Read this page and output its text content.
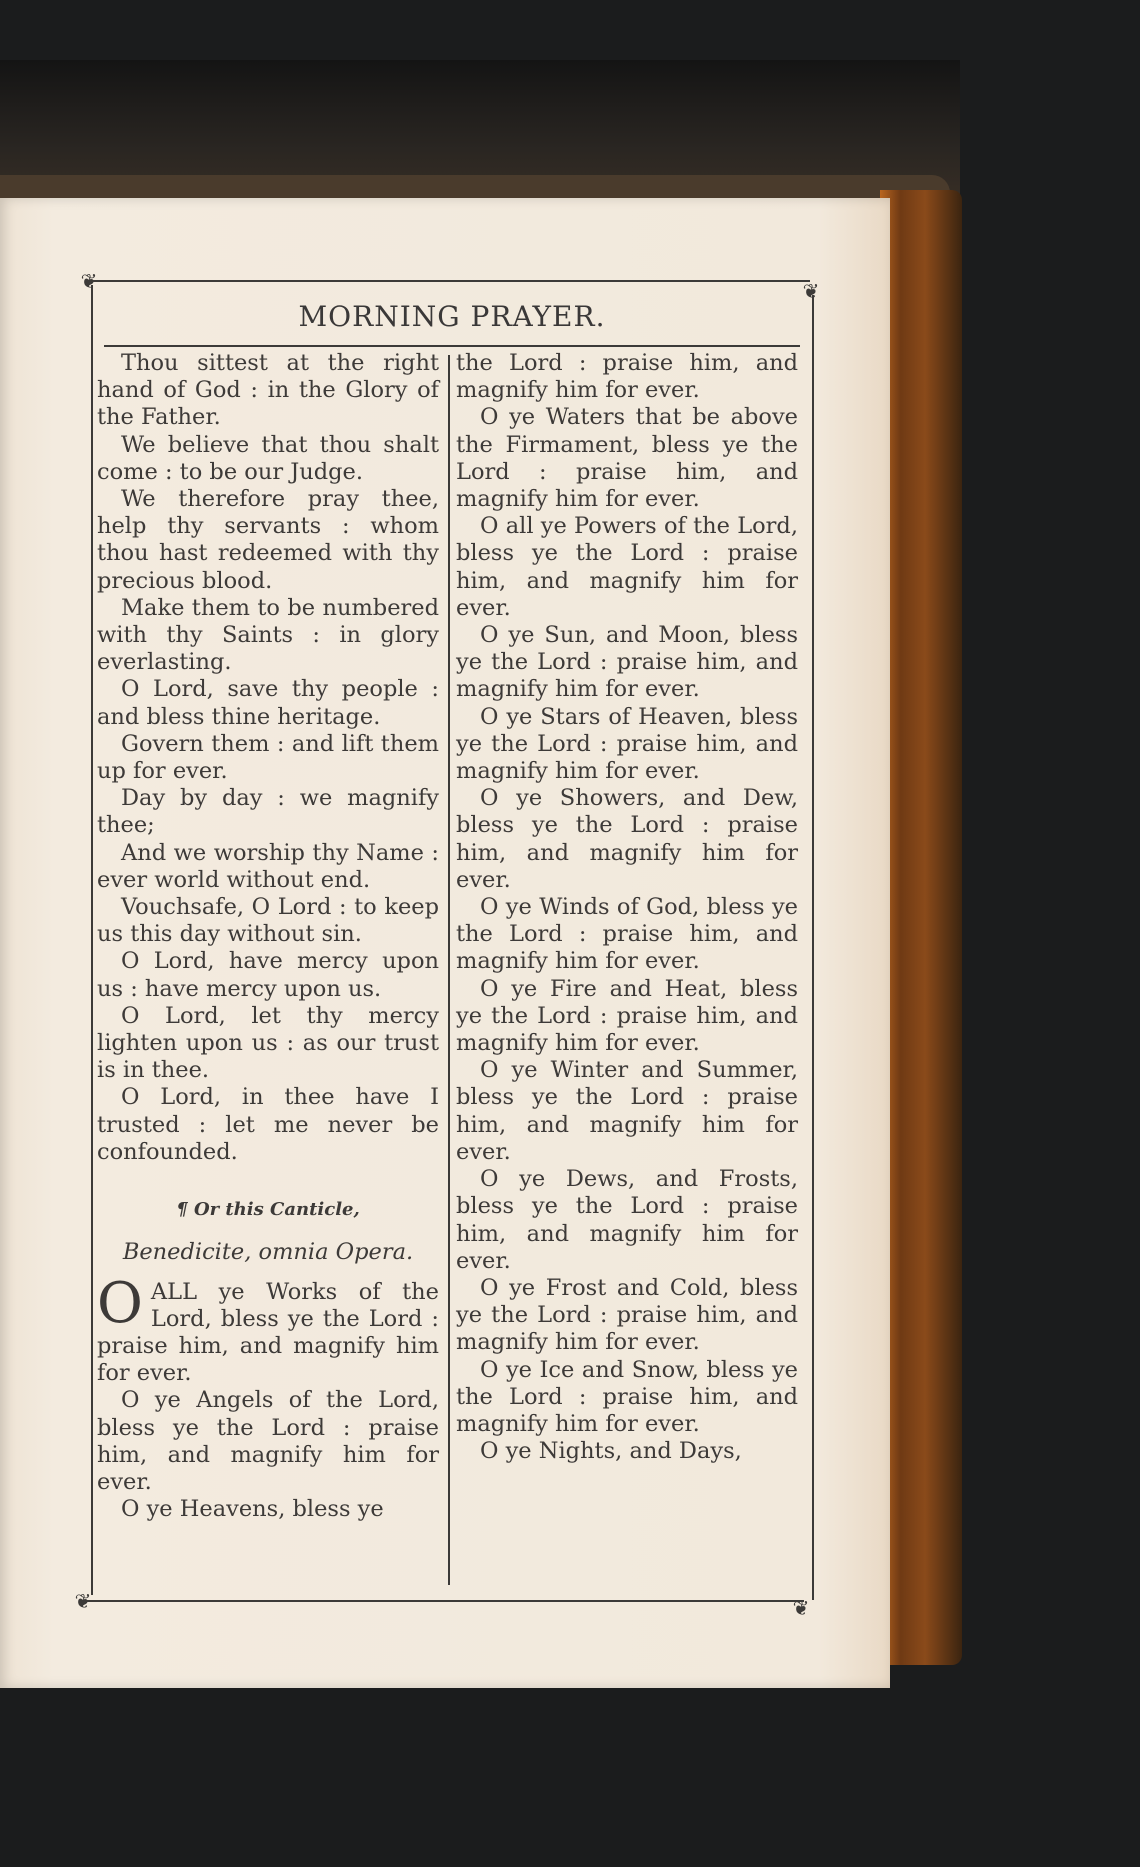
❦	❦
❦	❦
MORNING PRAYER.

Thou sittest at the right hand of God : in the Glory of the Father.

We believe that thou shalt come : to be our Judge.

We therefore pray thee, help thy servants : whom thou hast redeemed with thy precious blood.

Make them to be numbered with thy Saints : in glory everlasting.

O Lord, save thy people : and bless thine heritage.

Govern them : and lift them up for ever.

Day by day : we magnify thee;

And we worship thy Name : ever world without end.

Vouchsafe, O Lord : to keep us this day without sin.

O Lord, have mercy upon us : have mercy upon us.

O Lord, let thy mercy lighten upon us : as our trust is in thee.

O Lord, in thee have I trusted : let me never be confounded.

¶ Or this Canticle,

Benedicite, omnia Opera.

OALL ye Works of the Lord, bless ye the Lord : praise him, and magnify him for ever.

O ye Angels of the Lord, bless ye the Lord : praise him, and magnify him for ever.

O ye Heavens, bless ye

the Lord : praise him, and magnify him for ever.

O ye Waters that be above the Firmament, bless ye the Lord : praise him, and magnify him for ever.

O all ye Powers of the Lord, bless ye the Lord : praise him, and magnify him for ever.

O ye Sun, and Moon, bless ye the Lord : praise him, and magnify him for ever.

O ye Stars of Heaven, bless ye the Lord : praise him, and magnify him for ever.

O ye Showers, and Dew, bless ye the Lord : praise him, and magnify him for ever.

O ye Winds of God, bless ye the Lord : praise him, and magnify him for ever.

O ye Fire and Heat, bless ye the Lord : praise him, and magnify him for ever.

O ye Winter and Summer, bless ye the Lord : praise him, and magnify him for ever.

O ye Dews, and Frosts, bless ye the Lord : praise him, and magnify him for ever.

O ye Frost and Cold, bless ye the Lord : praise him, and magnify him for ever.

O ye Ice and Snow, bless ye the Lord : praise him, and magnify him for ever.

O ye Nights, and Days,
